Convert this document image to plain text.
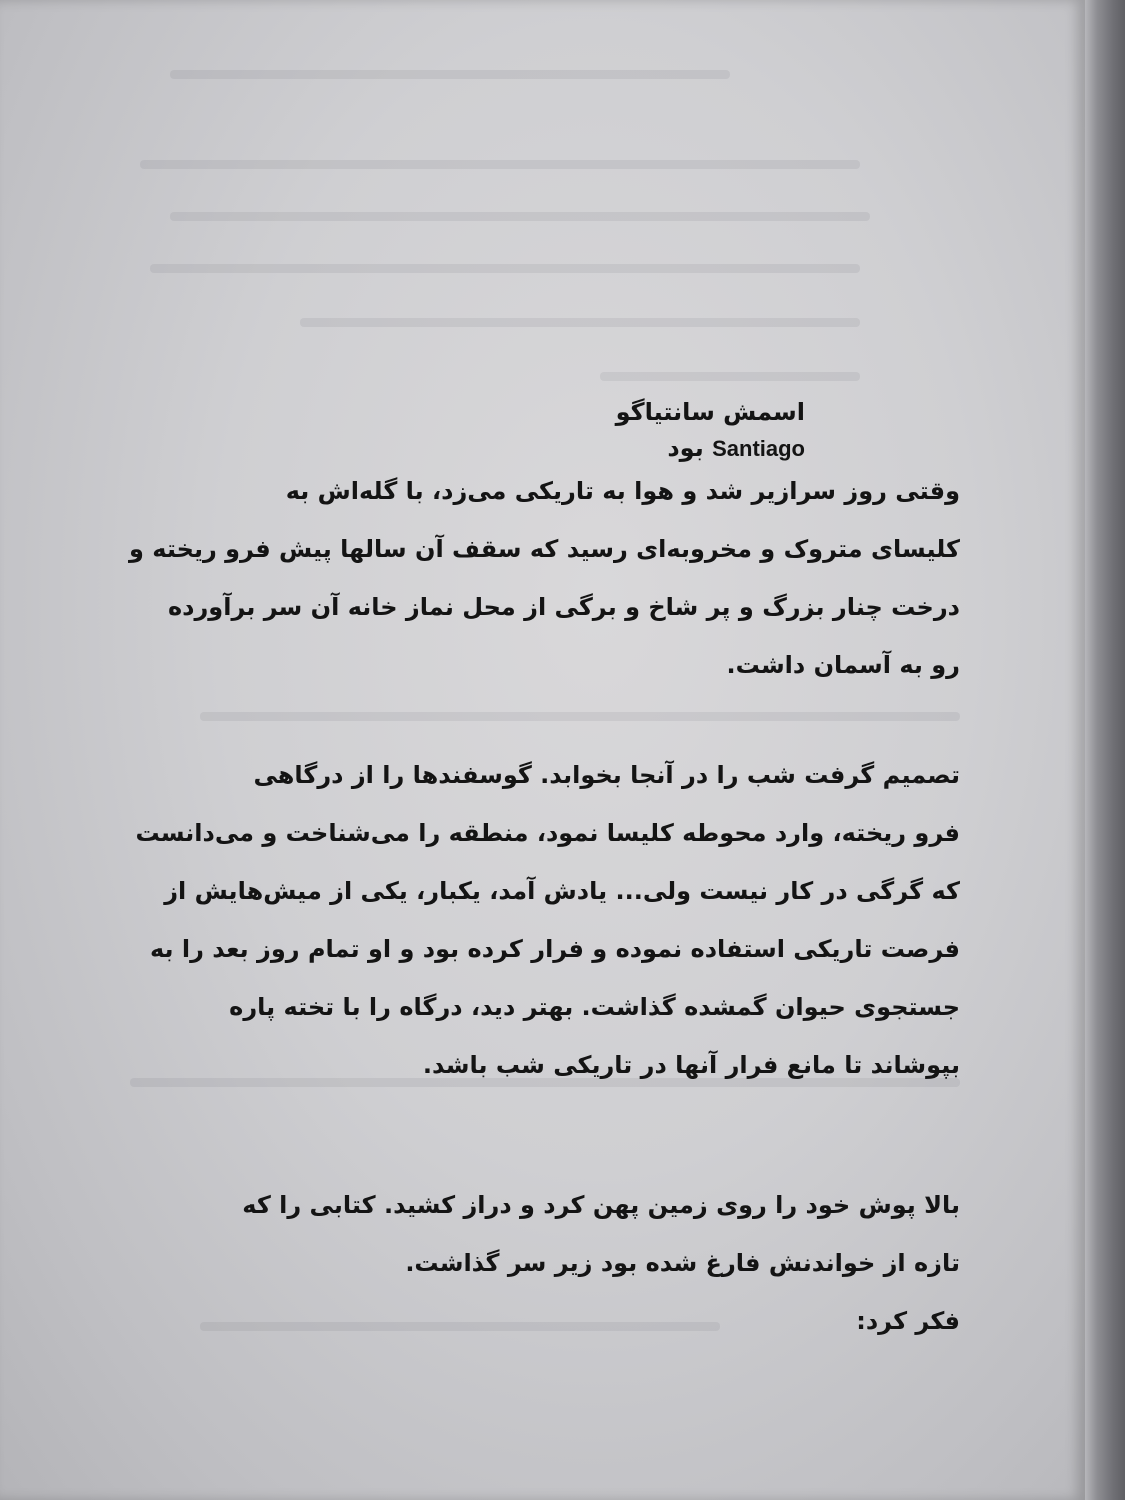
اسمش سانتیاگو
Santiago بود
وقتی روز سرازیر شد و هوا به تاریکی می‌زد، با گله‌اش به
کلیسای متروک و مخروبه‌ای رسید که سقف آن سالها پیش فرو ریخته و
درخت چنار بزرگ و پر شاخ و برگی از محل نماز خانه آن سر برآورده
رو به آسمان داشت.
تصمیم گرفت شب را در آنجا بخوابد. گوسفندها را از درگاهی
فرو ریخته، وارد محوطه کلیسا نمود، منطقه را می‌شناخت و می‌دانست
که گرگی در کار نیست ولی... یادش آمد، یکبار، یکی از میش‌هایش از
فرصت تاریکی استفاده نموده و فرار کرده بود و او تمام روز بعد را به
جستجوی حیوان گمشده گذاشت. بهتر دید، درگاه را با تخته پاره
بپوشاند تا مانع فرار آنها در تاریکی شب باشد.
بالا پوش خود را روی زمین پهن کرد و دراز کشید. کتابی را که
تازه از خواندنش فارغ شده بود زیر سر گذاشت.
فکر کرد:
